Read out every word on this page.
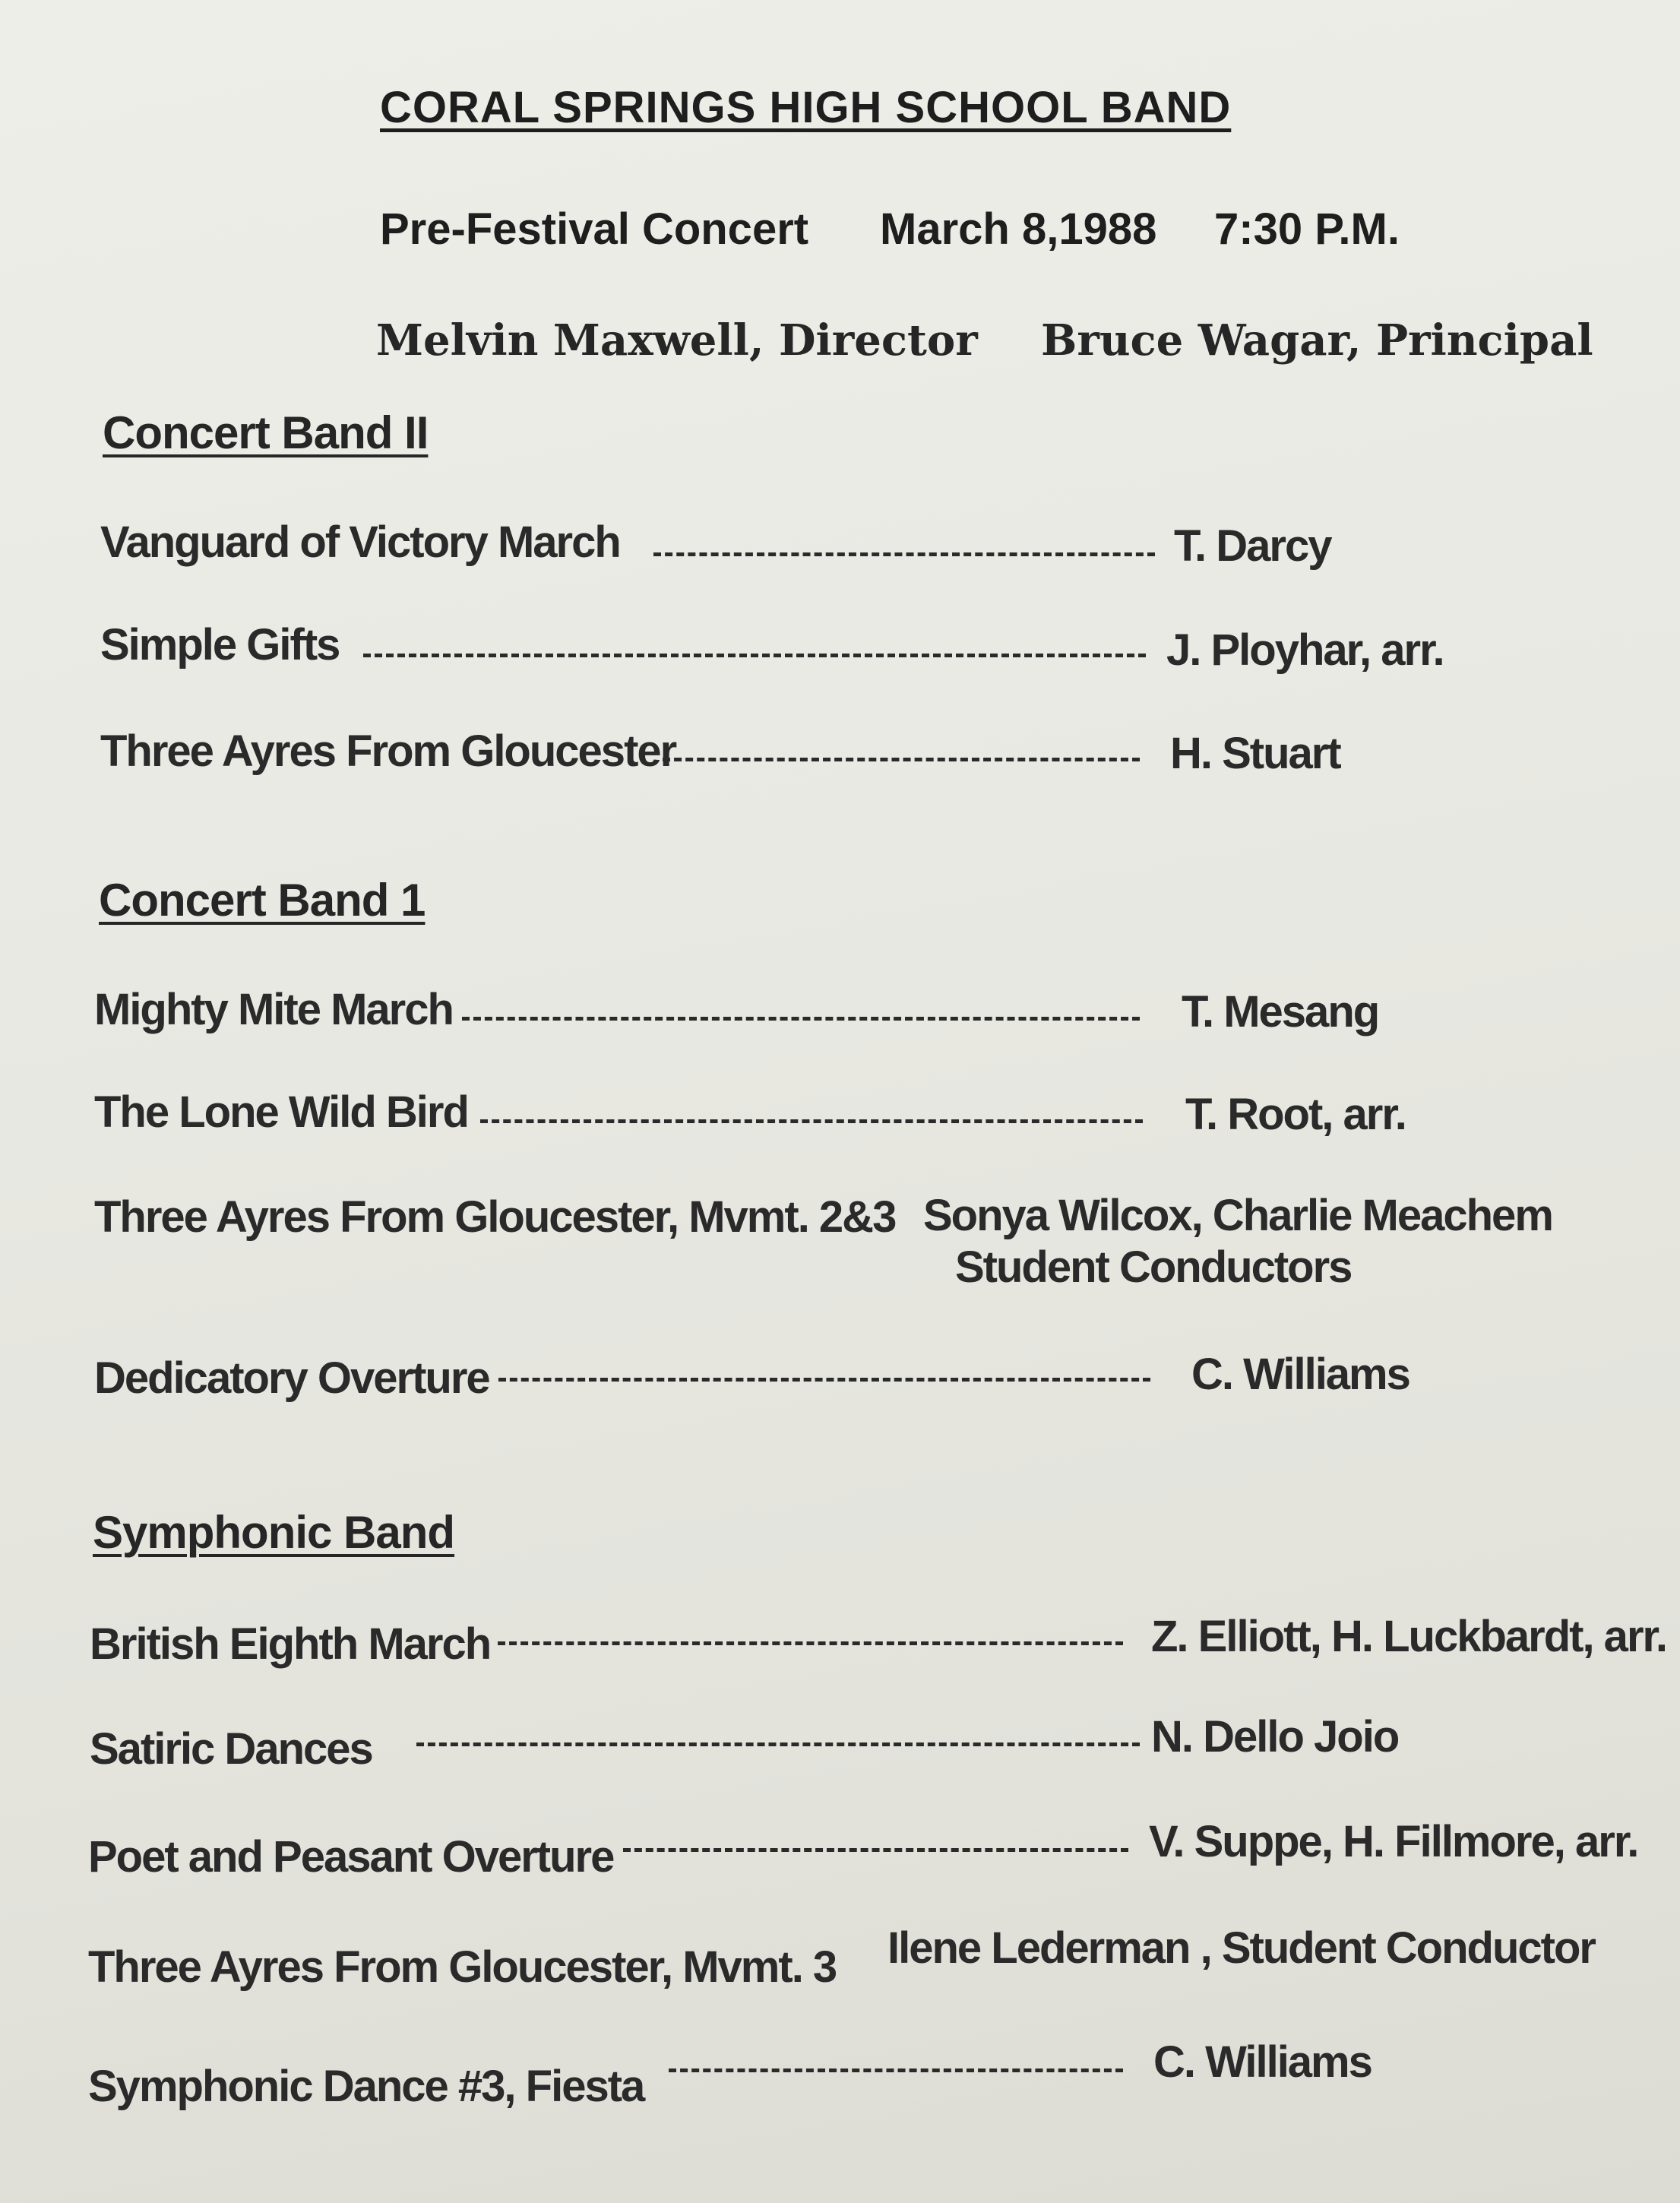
CORAL SPRINGS HIGH SCHOOL BAND
Pre-Festival Concert March 8,1988 7:30 P.M.
Melvin Maxwell, Director Bruce Wagar, Principal
Concert Band II
Vanguard of Victory March	T. Darcy
Simple Gifts	J. Ployhar, arr.
Three Ayres From Gloucester	H. Stuart
Concert Band 1
Mighty Mite March	T. Mesang
The Lone Wild Bird	T. Root, arr.
Three Ayres From Gloucester, Mvmt. 2&3 Sonya Wilcox, Charlie Meachem
Student Conductors
Dedicatory Overture	C. Williams
Symphonic Band
British Eighth March	Z. Elliott, H. Luckbardt, arr.
Satiric Dances	N. Dello Joio
Poet and Peasant Overture	V. Suppe, H. Fillmore, arr.
Three Ayres From Gloucester, Mvmt. 3 Ilene Lederman , Student Conductor
Symphonic Dance #3, Fiesta	C. Williams
